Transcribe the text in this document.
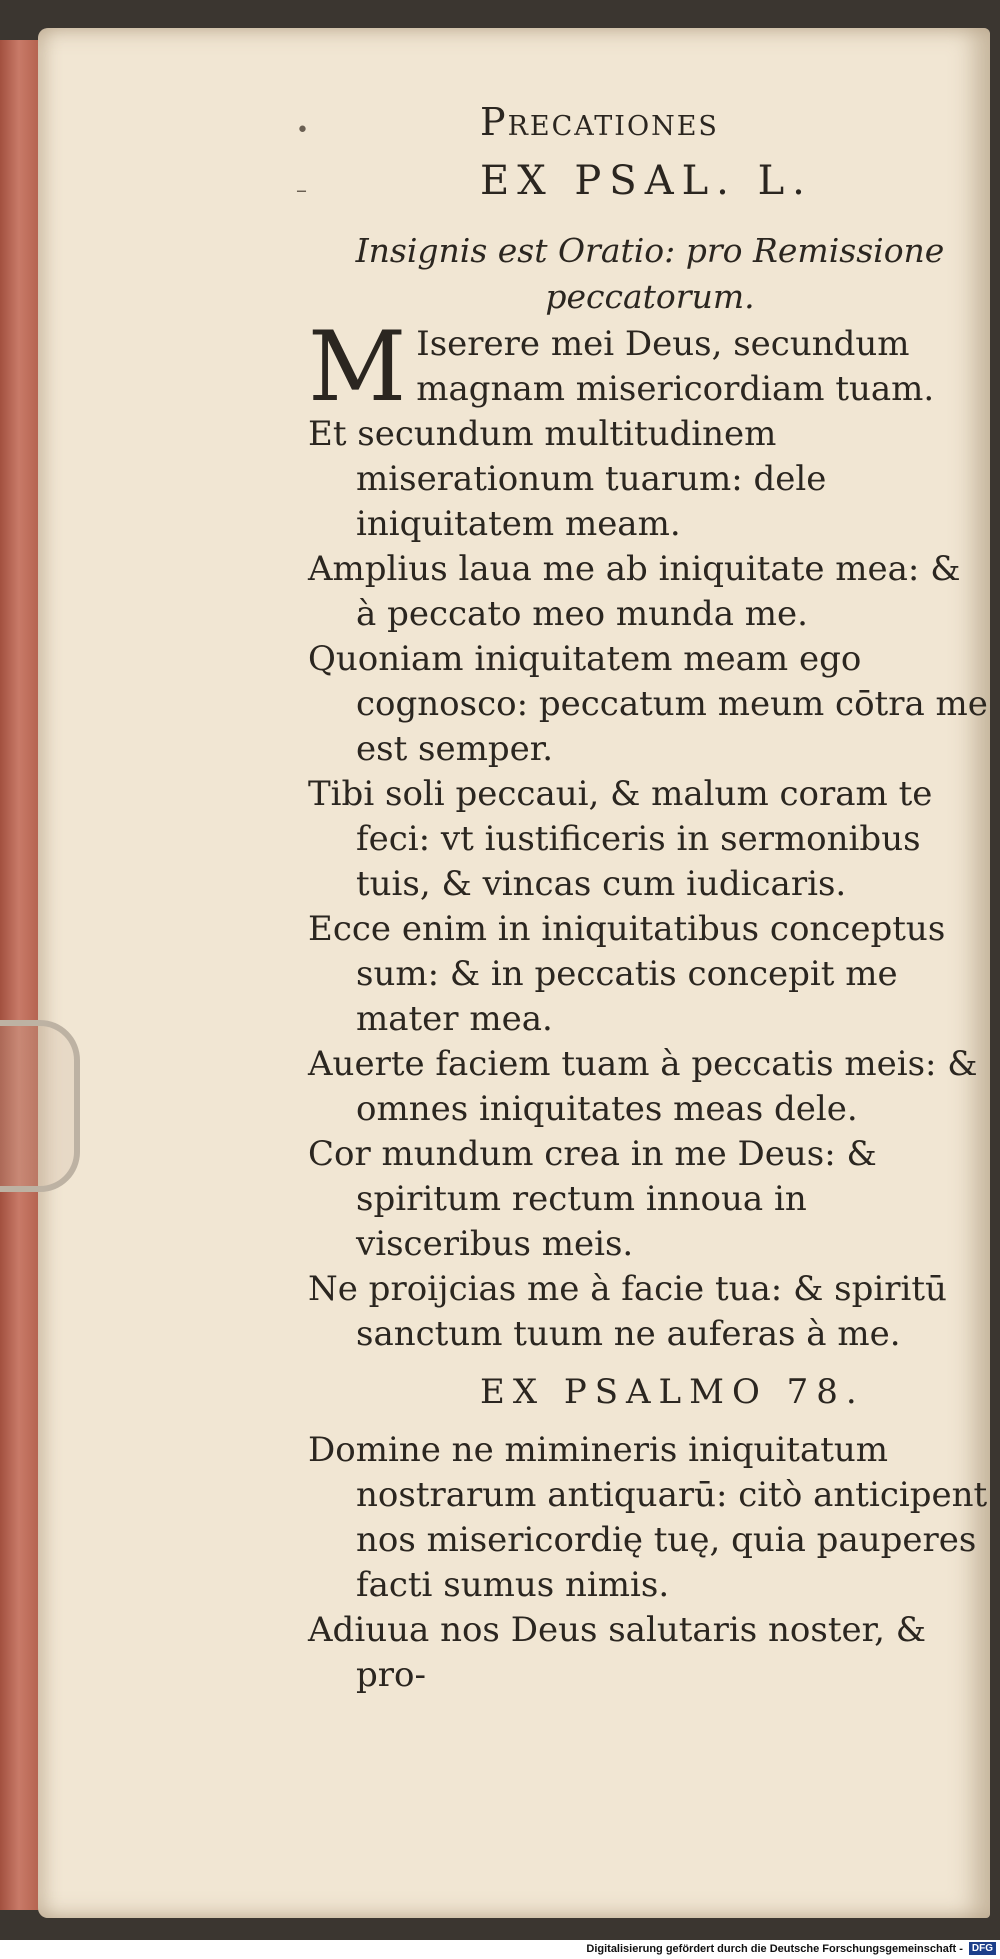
•
–
Precationes
EX PSAL. L.
Insignis est Oratio: pro Remissione peccatorum.
M Iserere mei Deus, secundum magnam misericordiam tuam.
Et secundum multitudinem miserationum tuarum: dele iniquitatem meam.
Amplius laua me ab iniquitate mea: & à peccato meo munda me.
Quoniam iniquitatem meam ego cognosco: peccatum meum cōtra me est semper.
Tibi soli peccaui, & malum coram te feci: vt iustificeris in sermonibus tuis, & vincas cum iudicaris.
Ecce enim in iniquitatibus conceptus sum: & in peccatis concepit me mater mea.
Auerte faciem tuam à peccatis meis: & omnes iniquitates meas dele.
Cor mundum crea in me Deus: & spiritum rectum innoua in visceribus meis.
Ne proijcias me à facie tua: & spiritū sanctum tuum ne auferas à me.
EX PSALMO 78.
Domine ne mimineris iniquitatum nostrarum antiquarū: citò anticipent nos misericordię tuę, quia pauperes facti sumus nimis.
Adiuua nos Deus salutaris noster, & pro-
Digitalisierung gefördert durch die Deutsche Forschungsgemeinschaft - DFG
